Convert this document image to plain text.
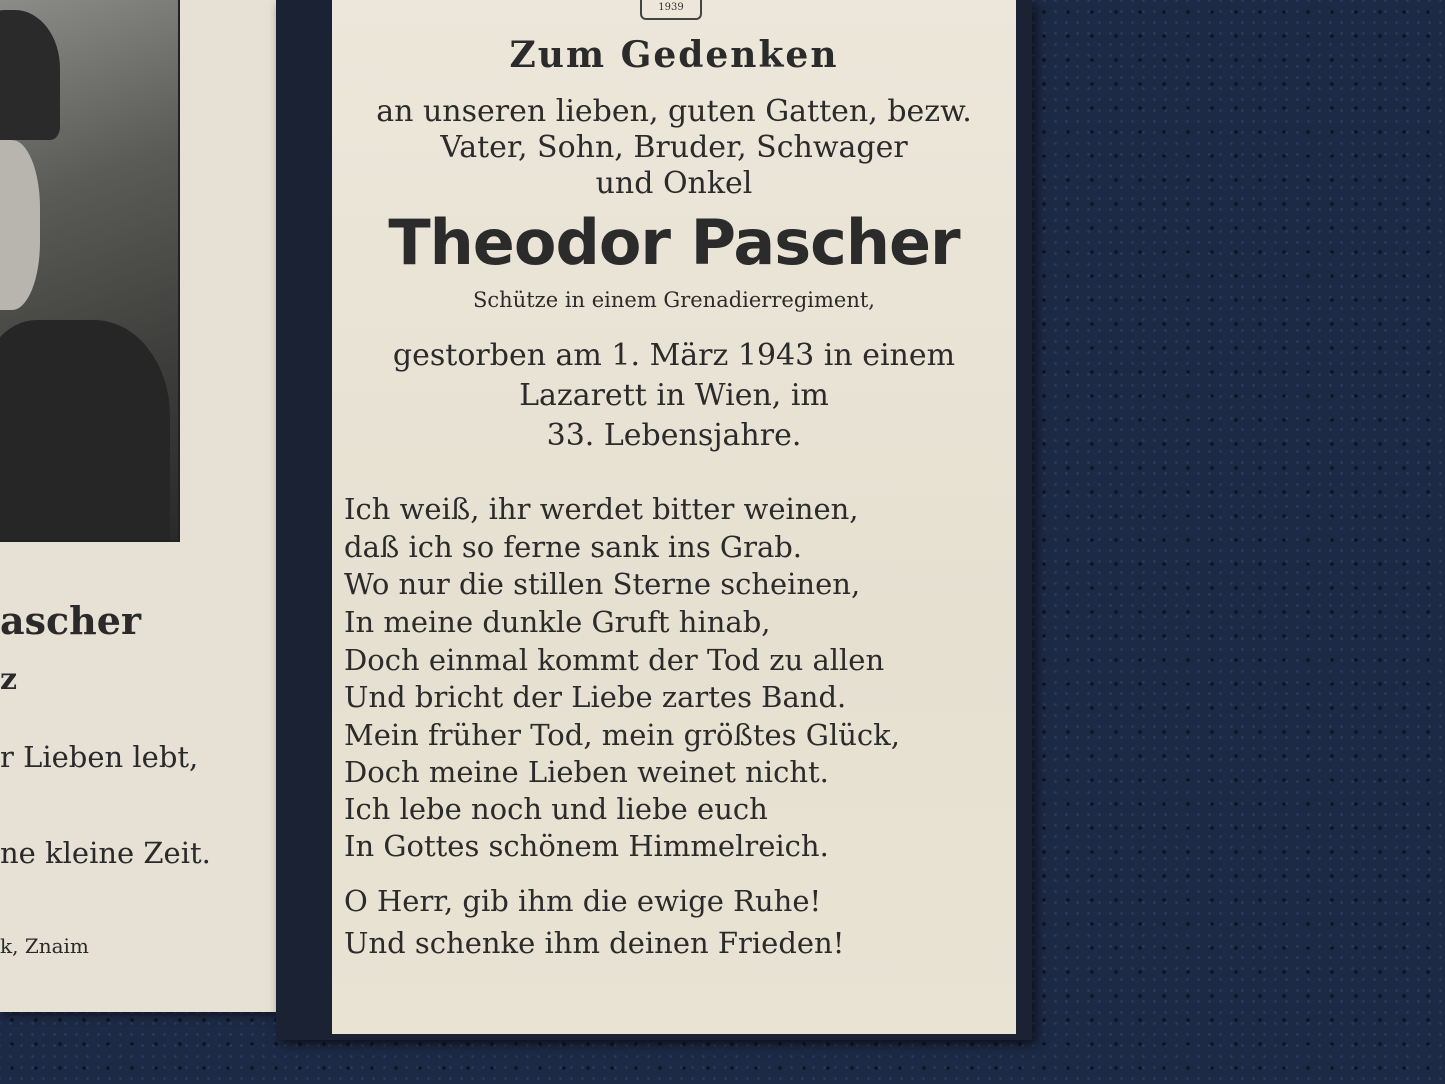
ascher
z
r Lieben lebt,
ne kleine Zeit.
k, Znaim
1939
Zum Gedenken
an unseren lieben, guten Gatten, bezw.
Vater, Sohn, Bruder, Schwager
und Onkel
Theodor Pascher
Schütze in einem Grenadierregiment,
gestorben am 1. März 1943 in einem
Lazarett in Wien, im
33. Lebensjahre.
Ich weiß, ihr werdet bitter weinen,
daß ich so ferne sank ins Grab.
Wo nur die stillen Sterne scheinen,
In meine dunkle Gruft hinab,
Doch einmal kommt der Tod zu allen
Und bricht der Liebe zartes Band.
Mein früher Tod, mein größtes Glück,
Doch meine Lieben weinet nicht.
Ich lebe noch und liebe euch
In Gottes schönem Himmelreich.
O Herr, gib ihm die ewige Ruhe!
Und schenke ihm deinen Frieden!
